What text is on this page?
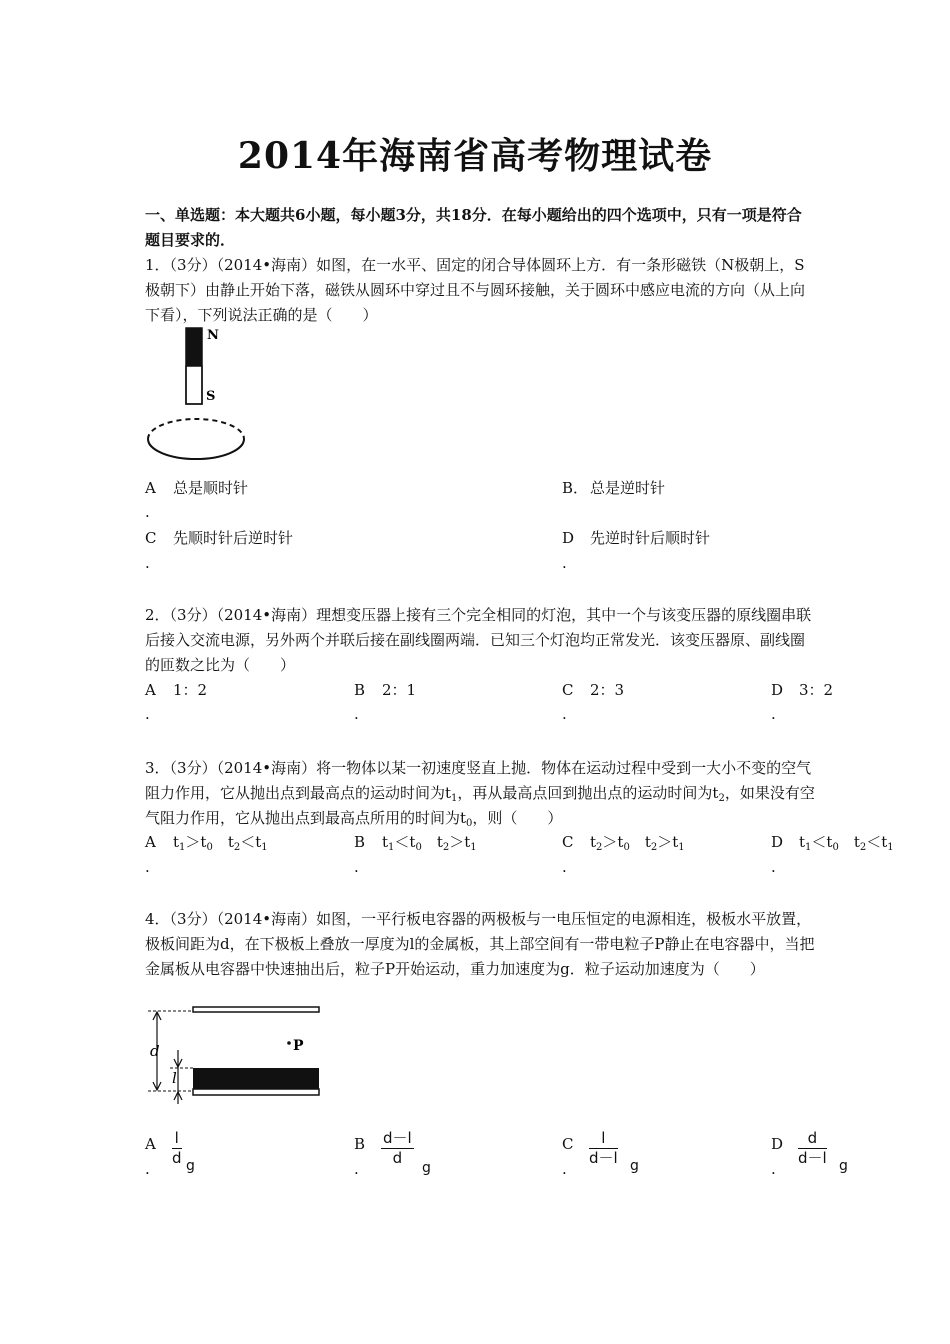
2014年海南省高考物理试卷
一、单选题：本大题共6小题，每小题3分，共18分．在每小题给出的四个选项中，只有一项是符合题目要求的．
1．（3分）（2014•海南）如图，在一水平、固定的闭合导体圆环上方．有一条形磁铁（N极朝上，S极朝下）由静止开始下落，磁铁从圆环中穿过且不与圆环接触，关于圆环中感应电流的方向（从上向下看），下列说法正确的是（　　）
N
S
A 总是顺时针
.
B． 总是逆时针
C 先顺时针后逆时针
.
D 先逆时针后顺时针
.
2．（3分）（2014•海南）理想变压器上接有三个完全相同的灯泡，其中一个与该变压器的原线圈串联后接入交流电源，另外两个并联后接在副线圈两端．已知三个灯泡均正常发光．该变压器原、副线圈的匝数之比为（　　）
A 1：2
.
B 2：1
.
C 2：3
.
D 3：2
.
3．（3分）（2014•海南）将一物体以某一初速度竖直上抛．物体在运动过程中受到一大小不变的空气阻力作用，它从抛出点到最高点的运动时间为$t_1$，再从最高点回到抛出点的运动时间为$t_2$，如果没有空气阻力作用，它从抛出点到最高点所用的时间为$t_0$，则（　　）
A $t_1>t_0$　$t_2<t_1$
.
B $t_1<t_0$　$t_2>t_1$
.
C $t_2>t_0$　$t_2>t_1$
.
D $t_1<t_0$　$t_2<t_1$
.
4．（3分）（2014•海南）如图，一平行板电容器的两极板与一电压恒定的电源相连，极板水平放置，极板间距为d，在下极板上叠放一厚度为l的金属板，其上部空间有一带电粒子P静止在电容器中，当把金属板从电容器中快速抽出后，粒子P开始运动，重力加速度为g．粒子运动加速度为（　　）
d
l
P
A $\frac{l}{d}$ g
.
B $\frac{d-l}{d}$
g
.
C $\frac{l}{d-l}$ g
.
D $\frac{d}{d-l}$ g
.
